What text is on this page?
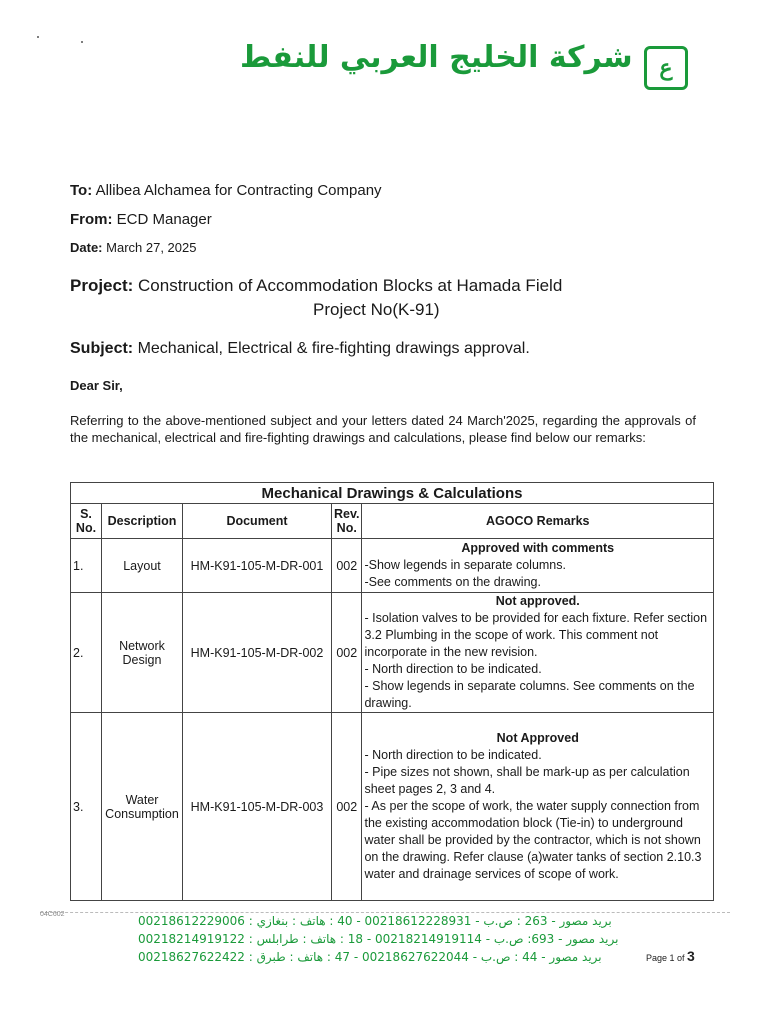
شركة الخليج العربي للنفط	ع
To: Allibea Alchamea for Contracting Company
From: ECD Manager
Date: March 27, 2025
Project: Construction of Accommodation Blocks at Hamada Field
Project No(K-91)
Subject: Mechanical, Electrical & fire-fighting drawings approval.
Dear Sir,
Referring to the above-mentioned subject and your letters dated 24 March'2025, regarding the approvals of the mechanical, electrical and fire-fighting drawings and calculations, please find below our remarks:
Mechanical Drawings & Calculations				
S. No.	Description	Document	Rev. No.	AGOCO Remarks
1.	Layout	HM-K91-105-M-DR-001	002	Approved with comments
-Show legends in separate columns.
-See comments on the drawing.

2.	Network Design	HM-K91-105-M-DR-002	002	Not approved.
- Isolation valves to be provided for each fixture. Refer section 3.2 Plumbing in the scope of work. This comment not incorporate in the new revision.
- North direction to be indicated.
- Show legends in separate columns. See comments on the drawing.

3.	Water Consumption	HM-K91-105-M-DR-003	002	Not Approved
- North direction to be indicated.
- Pipe sizes not shown, shall be mark-up as per calculation sheet pages 2, 3 and 4.
- As per the scope of work, the water supply connection from the existing accommodation block (Tie-in) to underground water shall be provided by the contractor, which is not shown on the drawing. Refer clause (a)water tanks of section 2.10.3 water and drainage services of scope of work.
04C602	00218612229006 : بريد مصور - 263 : ص.ب - 00218612228931 - 40 : هاتف : بنغازي
00218214919122 : بريد مصور - 693: ص.ب - 00218214919114 - 18 : هاتف : طرابلس
00218627622422 : بريد مصور - 44 : ص.ب - 00218627622044 - 47 : هاتف : طبرق	Page 1 of 3
